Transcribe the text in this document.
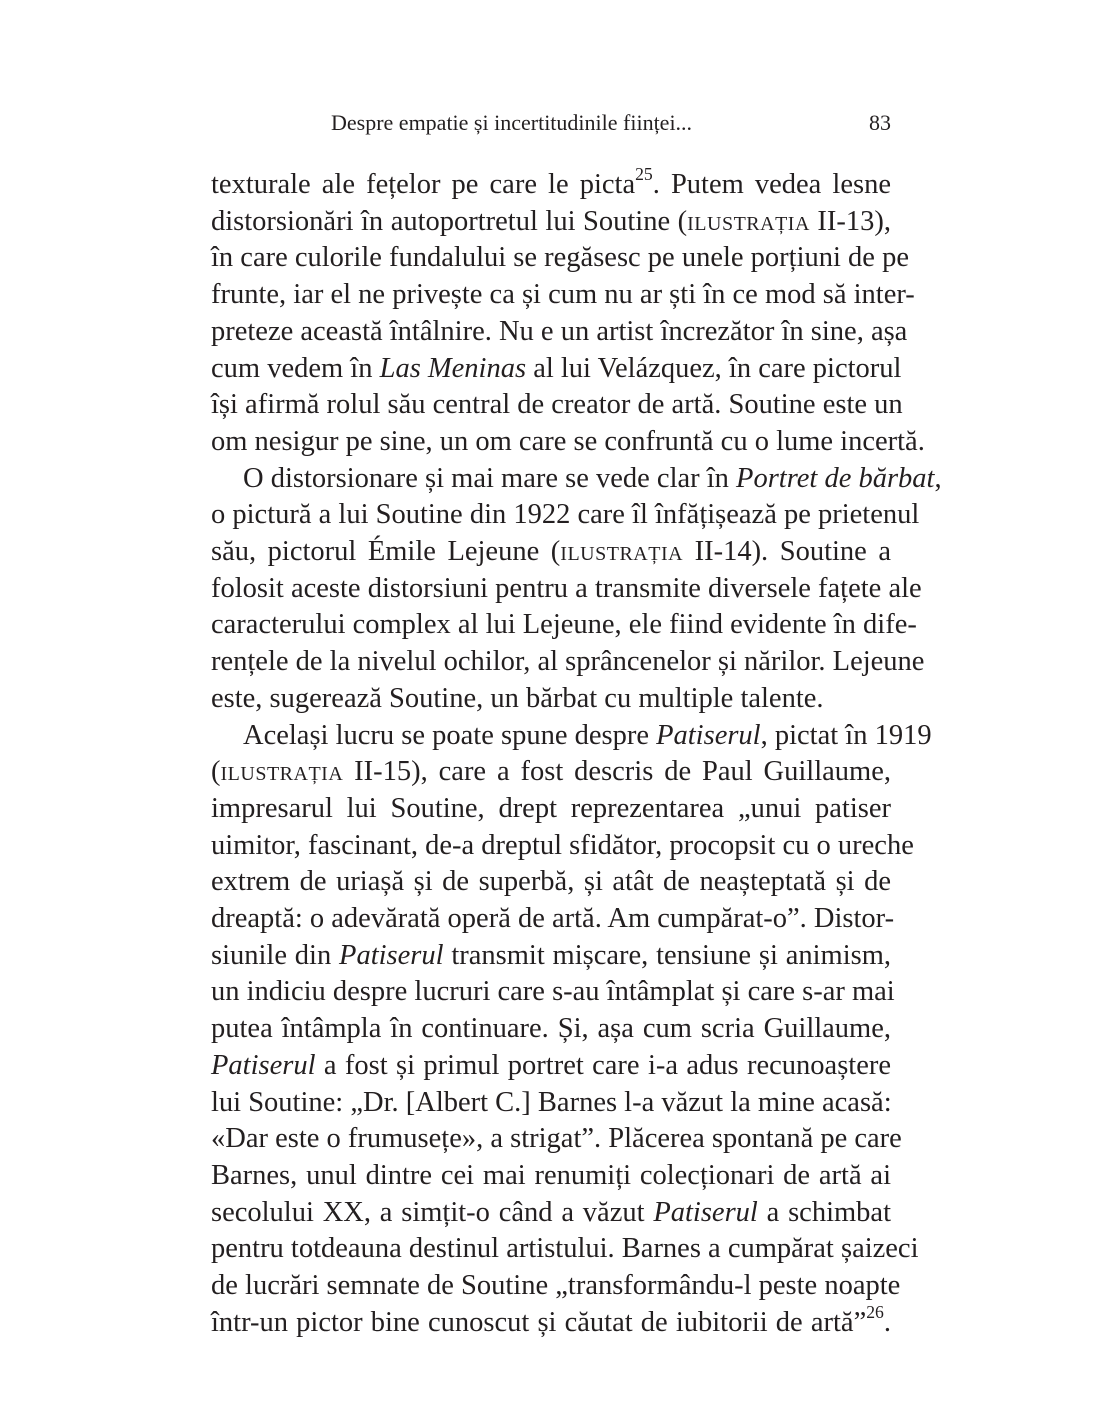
Despre empatie și incertitudinile ființei...	83
texturale ale fețelor pe care le picta$^{25}$. Putem vedea lesne
distorsionări în autoportretul lui Soutine (ilustrația II-13),
în care culorile fundalului se regăsesc pe unele porțiuni de pe
frunte, iar el ne privește ca și cum nu ar ști în ce mod să inter-
preteze această întâlnire. Nu e un artist încrezător în sine, așa
cum vedem în Las Meninas al lui Velázquez, în care pictorul
își afirmă rolul său central de creator de artă. Soutine este un
om nesigur pe sine, un om care se confruntă cu o lume incertă.
O distorsionare și mai mare se vede clar în Portret de bărbat,
o pictură a lui Soutine din 1922 care îl înfățișează pe prietenul
său, pictorul Émile Lejeune (ilustrația II-14). Soutine a
folosit aceste distorsiuni pentru a transmite diversele fațete ale
caracterului complex al lui Lejeune, ele fiind evidente în dife-
rențele de la nivelul ochilor, al sprâncenelor și nărilor. Lejeune
este, sugerează Soutine, un bărbat cu multiple talente.
Același lucru se poate spune despre Patiserul, pictat în 1919
(ilustrația II-15), care a fost descris de Paul Guillaume,
impresarul lui Soutine, drept reprezentarea „unui patiser
uimitor, fascinant, de-a dreptul sfidător, procopsit cu o ureche
extrem de uriașă și de superbă, și atât de neașteptată și de
dreaptă: o adevărată operă de artă. Am cumpărat-o”. Distor-
siunile din Patiserul transmit mișcare, tensiune și animism,
un indiciu despre lucruri care s-au întâmplat și care s-ar mai
putea întâmpla în continuare. Și, așa cum scria Guillaume,
Patiserul a fost și primul portret care i-a adus recunoaștere
lui Soutine: „Dr. [Albert C.] Barnes l-a văzut la mine acasă:
«Dar este o frumusețe», a strigat”. Plăcerea spontană pe care
Barnes, unul dintre cei mai renumiți colecționari de artă ai
secolului XX, a simțit-o când a văzut Patiserul a schimbat
pentru totdeauna destinul artistului. Barnes a cumpărat șaizeci
de lucrări semnate de Soutine „transformându-l peste noapte
într-un pictor bine cunoscut și căutat de iubitorii de artă”$^{26}$.
